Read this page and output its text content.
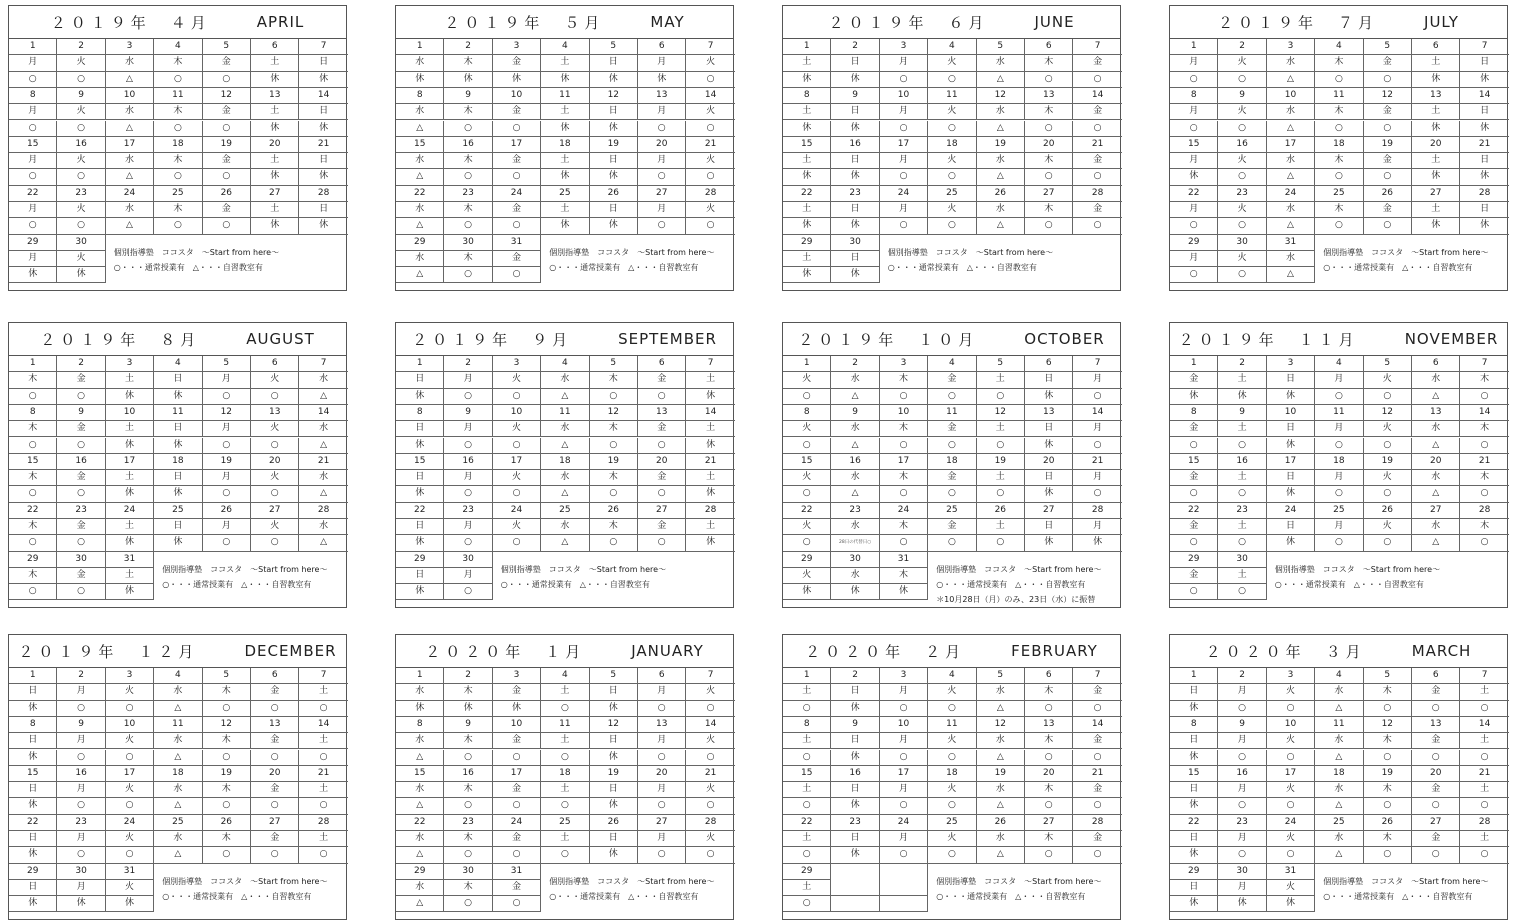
２０１９年　４月	APRIL
1	2	3	4	5	6	7
月	火	水	木	金	土	日
○	○	△	○	○	休	休
8	9	10	11	12	13	14
月	火	水	木	金	土	日
○	○	△	○	○	休	休
15	16	17	18	19	20	21
月	火	水	木	金	土	日
○	○	△	○	○	休	休
22	23	24	25	26	27	28
月	火	水	木	金	土	日
○	○	△	○	○	休	休
29	30
月	火
休	休
個別指導塾　ココスタ　～Start from here～
○・・・通常授業有　△・・・自習教室有
２０１９年　５月	MAY
1	2	3	4	5	6	7
水	木	金	土	日	月	火
休	休	休	休	休	休	○
8	9	10	11	12	13	14
水	木	金	土	日	月	火
△	○	○	休	休	○	○
15	16	17	18	19	20	21
水	木	金	土	日	月	火
△	○	○	休	休	○	○
22	23	24	25	26	27	28
水	木	金	土	日	月	火
△	○	○	休	休	○	○
29	30	31
水	木	金
△	○	○
個別指導塾　ココスタ　～Start from here～
○・・・通常授業有　△・・・自習教室有
２０１９年　６月	JUNE
1	2	3	4	5	6	7
土	日	月	火	水	木	金
休	休	○	○	△	○	○
8	9	10	11	12	13	14
土	日	月	火	水	木	金
休	休	○	○	△	○	○
15	16	17	18	19	20	21
土	日	月	火	水	木	金
休	休	○	○	△	○	○
22	23	24	25	26	27	28
土	日	月	火	水	木	金
休	休	○	○	△	○	○
29	30
土	日
休	休
個別指導塾　ココスタ　～Start from here～
○・・・通常授業有　△・・・自習教室有
２０１９年　７月	JULY
1	2	3	4	5	6	7
月	火	水	木	金	土	日
○	○	△	○	○	休	休
8	9	10	11	12	13	14
月	火	水	木	金	土	日
○	○	△	○	○	休	休
15	16	17	18	19	20	21
月	火	水	木	金	土	日
休	○	△	○	○	休	休
22	23	24	25	26	27	28
月	火	水	木	金	土	日
○	○	△	○	○	休	休
29	30	31
月	火	水
○	○	△
個別指導塾　ココスタ　～Start from here～
○・・・通常授業有　△・・・自習教室有
２０１９年　８月	AUGUST
1	2	3	4	5	6	7
木	金	土	日	月	火	水
○	○	休	休	○	○	△
8	9	10	11	12	13	14
木	金	土	日	月	火	水
○	○	休	休	○	○	△
15	16	17	18	19	20	21
木	金	土	日	月	火	水
○	○	休	休	○	○	△
22	23	24	25	26	27	28
木	金	土	日	月	火	水
○	○	休	休	○	○	△
29	30	31
木	金	土
○	○	休
個別指導塾　ココスタ　～Start from here～
○・・・通常授業有　△・・・自習教室有
２０１９年　９月	SEPTEMBER
1	2	3	4	5	6	7
日	月	火	水	木	金	土
休	○	○	△	○	○	休
8	9	10	11	12	13	14
日	月	火	水	木	金	土
休	○	○	△	○	○	休
15	16	17	18	19	20	21
日	月	火	水	木	金	土
休	○	○	△	○	○	休
22	23	24	25	26	27	28
日	月	火	水	木	金	土
休	○	○	△	○	○	休
29	30
日	月
休	○
個別指導塾　ココスタ　～Start from here～
○・・・通常授業有　△・・・自習教室有
２０１９年　１０月	OCTOBER
1	2	3	4	5	6	7
火	水	木	金	土	日	月
○	△	○	○	○	休	○
8	9	10	11	12	13	14
火	水	木	金	土	日	月
○	△	○	○	○	休	○
15	16	17	18	19	20	21
火	水	木	金	土	日	月
○	△	○	○	○	休	○
22	23	24	25	26	27	28
火	水	木	金	土	日	月
○	28日の代替日○	○	○	○	休	休
29	30	31
火	水	木
休	休	休
個別指導塾　ココスタ　～Start from here～
○・・・通常授業有　△・・・自習教室有
＊10月28日（月）のみ、23日（水）に振替
２０１９年　１１月	NOVEMBER
1	2	3	4	5	6	7
金	土	日	月	火	水	木
休	休	休	○	○	△	○
8	9	10	11	12	13	14
金	土	日	月	火	水	木
○	○	休	○	○	△	○
15	16	17	18	19	20	21
金	土	日	月	火	水	木
○	○	休	○	○	△	○
22	23	24	25	26	27	28
金	土	日	月	火	水	木
○	○	休	○	○	△	○
29	30
金	土
○	○
個別指導塾　ココスタ　～Start from here～
○・・・通常授業有　△・・・自習教室有
２０１９年　１２月	DECEMBER
1	2	3	4	5	6	7
日	月	火	水	木	金	土
休	○	○	△	○	○	○
8	9	10	11	12	13	14
日	月	火	水	木	金	土
休	○	○	△	○	○	○
15	16	17	18	19	20	21
日	月	火	水	木	金	土
休	○	○	△	○	○	○
22	23	24	25	26	27	28
日	月	火	水	木	金	土
休	○	○	△	○	○	○
29	30	31
日	月	火
休	休	休
個別指導塾　ココスタ　～Start from here～
○・・・通常授業有　△・・・自習教室有
２０２０年　１月	JANUARY
1	2	3	4	5	6	7
水	木	金	土	日	月	火
休	休	休	○	休	○	○
8	9	10	11	12	13	14
水	木	金	土	日	月	火
△	○	○	○	休	○	○
15	16	17	18	19	20	21
水	木	金	土	日	月	火
△	○	○	○	休	○	○
22	23	24	25	26	27	28
水	木	金	土	日	月	火
△	○	○	○	休	○	○
29	30	31
水	木	金
△	○	○
個別指導塾　ココスタ　～Start from here～
○・・・通常授業有　△・・・自習教室有
２０２０年　２月	FEBRUARY
1	2	3	4	5	6	7
土	日	月	火	水	木	金
○	休	○	○	△	○	○
8	9	10	11	12	13	14
土	日	月	火	水	木	金
○	休	○	○	△	○	○
15	16	17	18	19	20	21
土	日	月	火	水	木	金
○	休	○	○	△	○	○
22	23	24	25	26	27	28
土	日	月	火	水	木	金
○	休	○	○	△	○	○
29
土
○
個別指導塾　ココスタ　～Start from here～
○・・・通常授業有　△・・・自習教室有
２０２０年　３月	MARCH
1	2	3	4	5	6	7
日	月	火	水	木	金	土
休	○	○	△	○	○	○
8	9	10	11	12	13	14
日	月	火	水	木	金	土
休	○	○	△	○	○	○
15	16	17	18	19	20	21
日	月	火	水	木	金	土
休	○	○	△	○	○	○
22	23	24	25	26	27	28
日	月	火	水	木	金	土
休	○	○	△	○	○	○
29	30	31
日	月	火
休	休	休
個別指導塾　ココスタ　～Start from here～
○・・・通常授業有　△・・・自習教室有
